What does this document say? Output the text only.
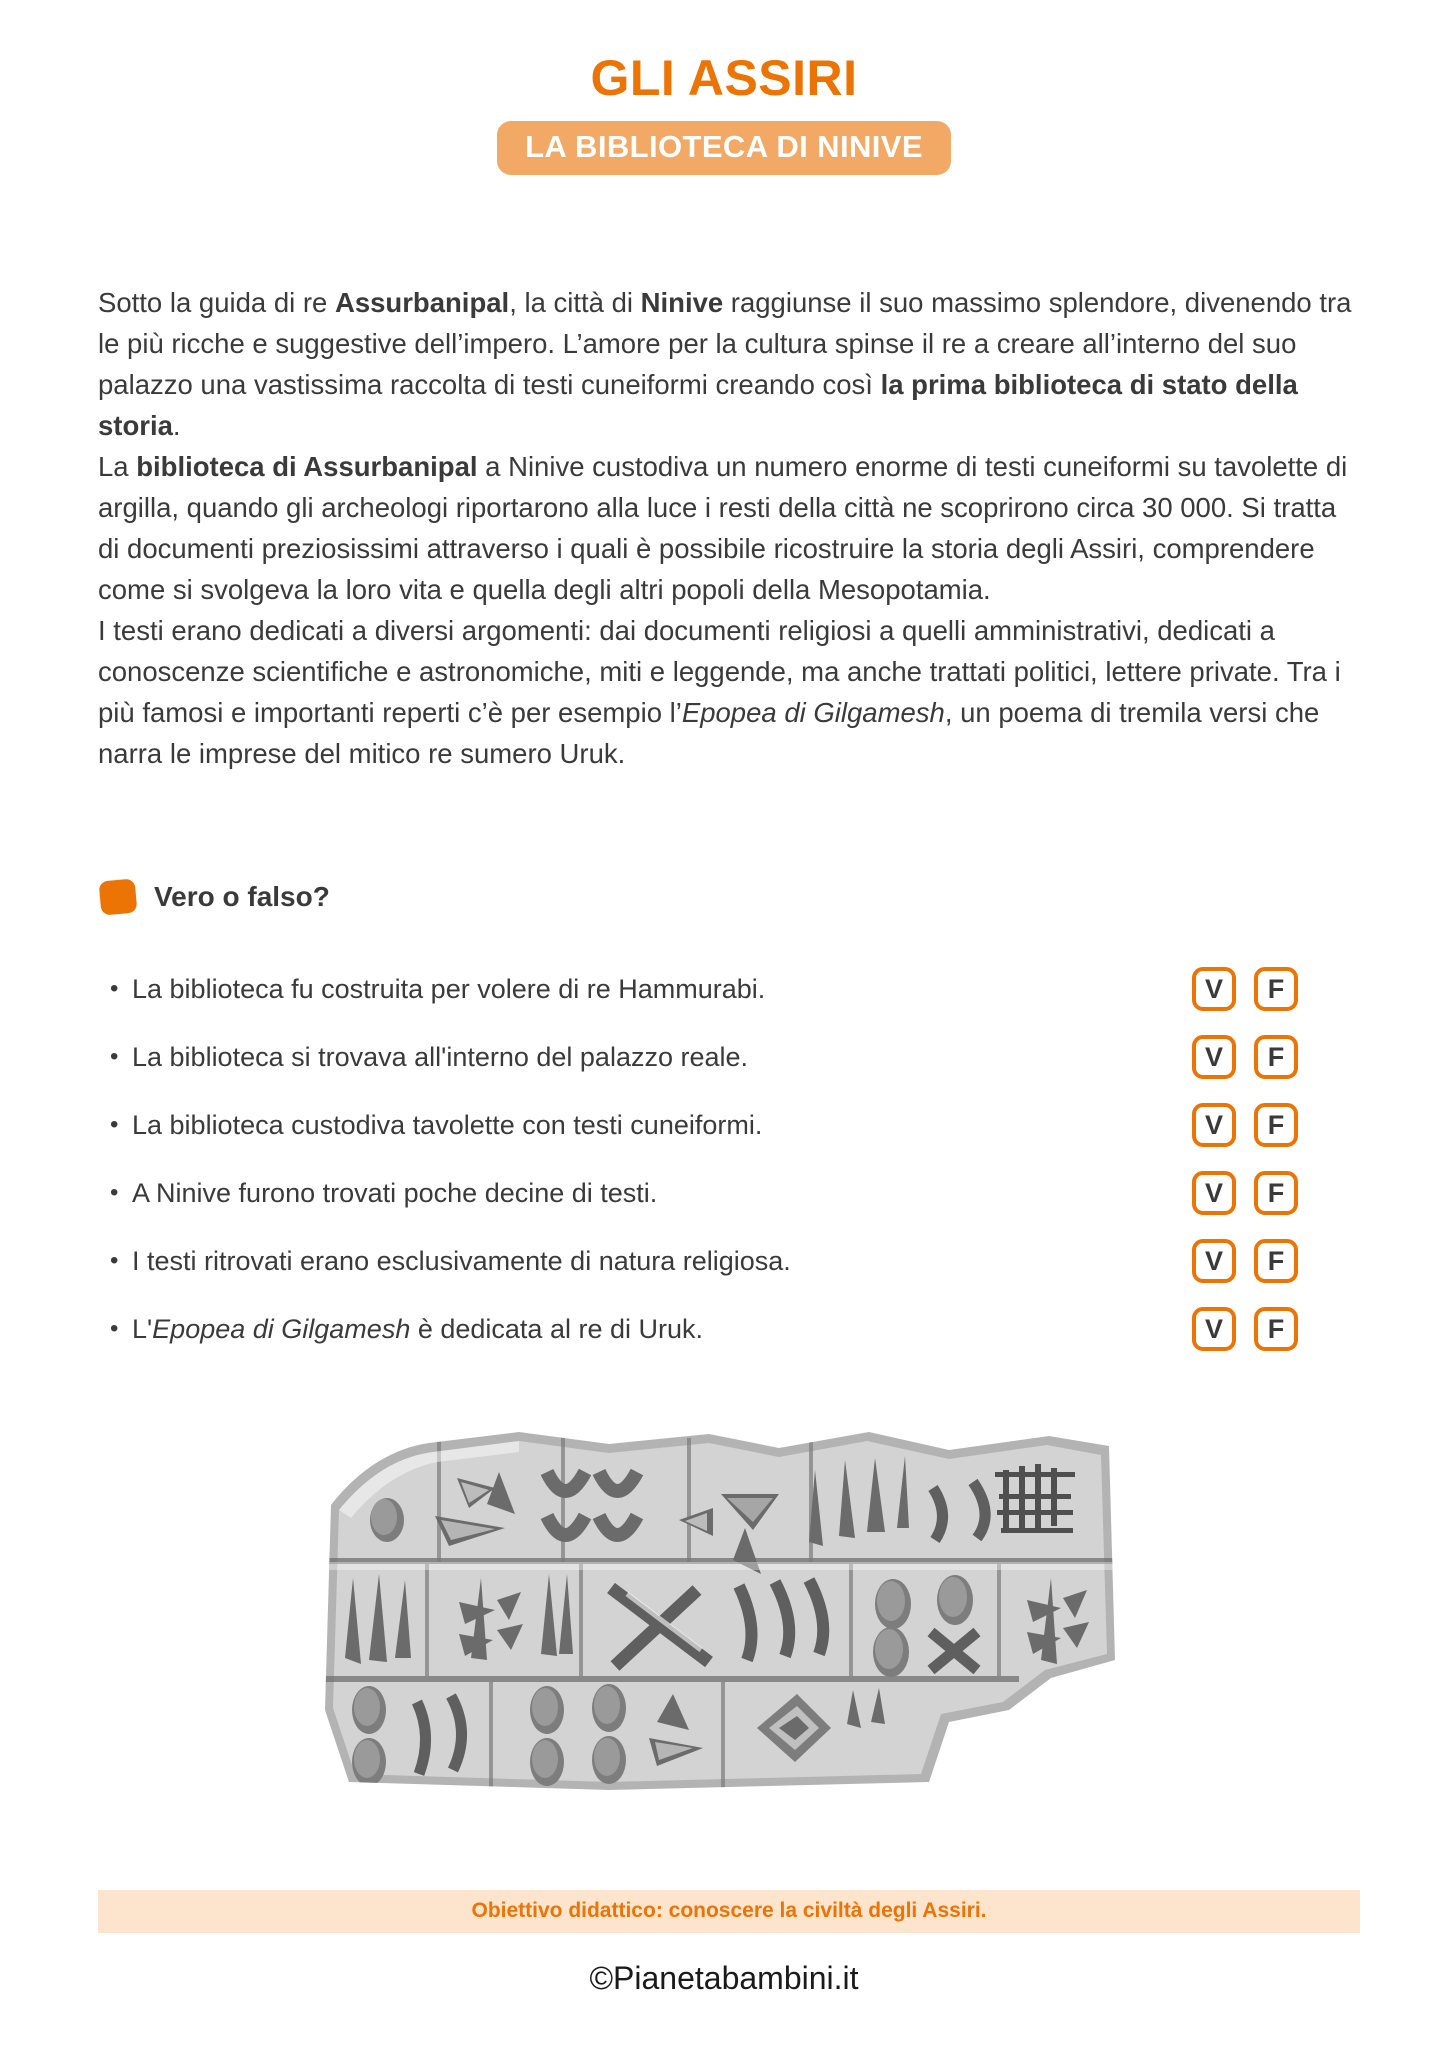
GLI ASSIRI
LA BIBLIOTECA DI NINIVE

Sotto la guida di re Assurbanipal, la città di Ninive raggiunse il suo massimo splendore, divenendo tra le più ricche e suggestive dell’impero. L’amore per la cultura spinse il re a creare all’interno del suo palazzo una vastissima raccolta di testi cuneiformi creando così la prima biblioteca di stato della storia.
La biblioteca di Assurbanipal a Ninive custodiva un numero enorme di testi cuneiformi su tavolette di argilla, quando gli archeologi riportarono alla luce i resti della città ne scoprirono circa 30 000. Si tratta di documenti preziosissimi attraverso i quali è possibile ricostruire la storia degli Assiri, comprendere come si svolgeva la loro vita e quella degli altri popoli della Mesopotamia.
I testi erano dedicati a diversi argomenti: dai documenti religiosi a quelli amministrativi, dedicati a conoscenze scientifiche e astronomiche, miti e leggende, ma anche trattati politici, lettere private. Tra i più famosi e importanti reperti c’è per esempio l’Epopea di Gilgamesh, un poema di tremila versi che narra le imprese del mitico re sumero Uruk.

Vero o falso?
• La biblioteca fu costruita per volere di re Hammurabi.	V	F
• La biblioteca si trovava all'interno del palazzo reale.	V	F
• La biblioteca custodiva tavolette con testi cuneiformi.	V	F
• A Ninive furono trovati poche decine di testi.	V	F
• I testi ritrovati erano esclusivamente di natura religiosa.	V	F
• L'Epopea di Gilgamesh è dedicata al re di Uruk.	V	F
Obiettivo didattico: conoscere la civiltà degli Assiri.
©Pianetabambini.it
